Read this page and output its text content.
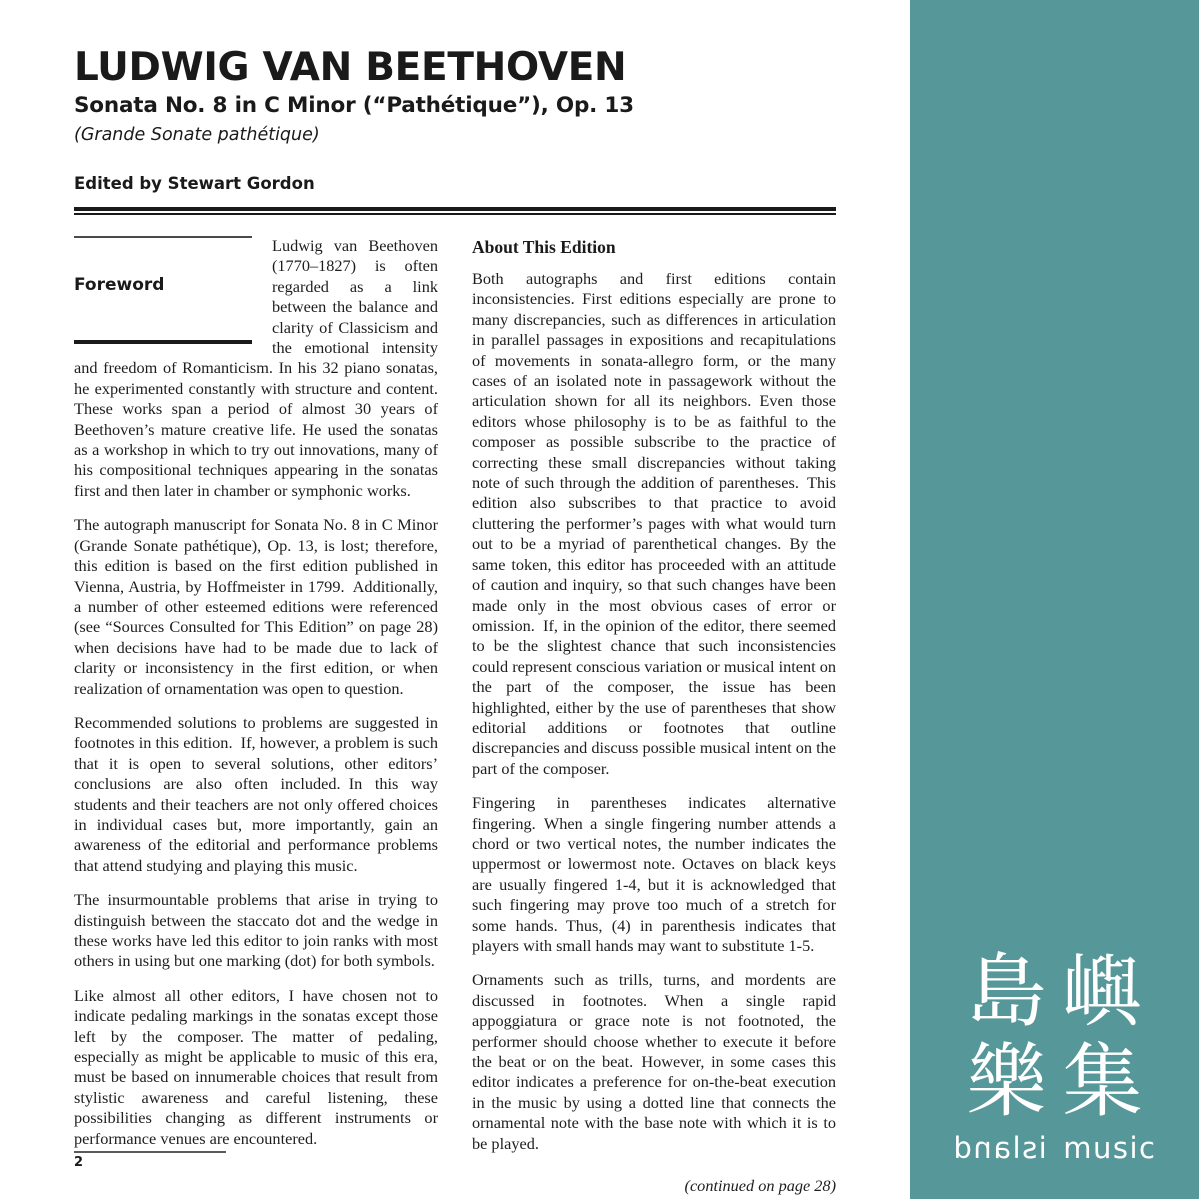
LUDWIG VAN BEETHOVEN
Sonata No. 8 in C Minor (“Pathétique”), Op. 13
(Grande Sonate pathétique)
Edited by Stewart Gordon
Foreword

Ludwig van Beethoven (1770–1827) is often regarded as a link between the balance and clarity of Classicism and the emotional intensity and freedom of Romanticism. In his 32 piano sonatas, he experimented constantly with structure and content. These works span a period of almost 30 years of Beethoven’s mature creative life. He used the sonatas as a workshop in which to try out innovations, many of his compositional techniques appearing in the sonatas first and then later in chamber or symphonic works.

The autograph manuscript for Sonata No. 8 in C Minor (Grande Sonate pathétique), Op. 13, is lost; therefore, this edition is based on the first edition published in Vienna, Austria, by Hoffmeister in 1799. Additionally, a number of other esteemed editions were referenced (see “Sources Consulted for This Edition” on page 28) when decisions have had to be made due to lack of clarity or inconsistency in the first edition, or when realization of ornamentation was open to question.

Recommended solutions to problems are suggested in footnotes in this edition. If, however, a problem is such that it is open to several solutions, other editors’ conclusions are also often included. In this way students and their teachers are not only offered choices in individual cases but, more importantly, gain an awareness of the editorial and performance problems that attend studying and playing this music.

The insurmountable problems that arise in trying to distinguish between the staccato dot and the wedge in these works have led this editor to join ranks with most others in using but one marking (dot) for both symbols.

Like almost all other editors, I have chosen not to indicate pedaling markings in the sonatas except those left by the composer. The matter of pedaling, especially as might be applicable to music of this era, must be based on innumerable choices that result from stylistic awareness and careful listening, these possibilities changing as different instruments or performance venues are encountered.

About This Edition

Both autographs and first editions contain inconsistencies. First editions especially are prone to many discrepancies, such as differences in articulation in parallel passages in expositions and recapitulations of movements in sonata-allegro form, or the many cases of an isolated note in passagework without the articulation shown for all its neighbors. Even those editors whose philosophy is to be as faithful to the composer as possible subscribe to the practice of correcting these small discrepancies without taking note of such through the addition of parentheses. This edition also subscribes to that practice to avoid cluttering the performer’s pages with what would turn out to be a myriad of parenthetical changes. By the same token, this editor has proceeded with an attitude of caution and inquiry, so that such changes have been made only in the most obvious cases of error or omission. If, in the opinion of the editor, there seemed to be the slightest chance that such inconsistencies could represent conscious variation or musical intent on the part of the composer, the issue has been highlighted, either by the use of parentheses that show editorial additions or footnotes that outline discrepancies and discuss possible musical intent on the part of the composer.

Fingering in parentheses indicates alternative fingering. When a single fingering number attends a chord or two vertical notes, the number indicates the uppermost or lowermost note. Octaves on black keys are usually fingered 1-4, but it is acknowledged that such fingering may prove too much of a stretch for some hands. Thus, (4) in parenthesis indicates that players with small hands may want to substitute 1-5.

Ornaments such as trills, turns, and mordents are discussed in footnotes. When a single rapid appoggiatura or grace note is not footnoted, the performer should choose whether to execute it before the beat or on the beat. However, in some cases this editor indicates a preference for on-the-beat execution in the music by using a dotted line that connects the ornamental note with the base note with which it is to be played.

(continued on page 28)
2
島 嶼
樂 集
island music
